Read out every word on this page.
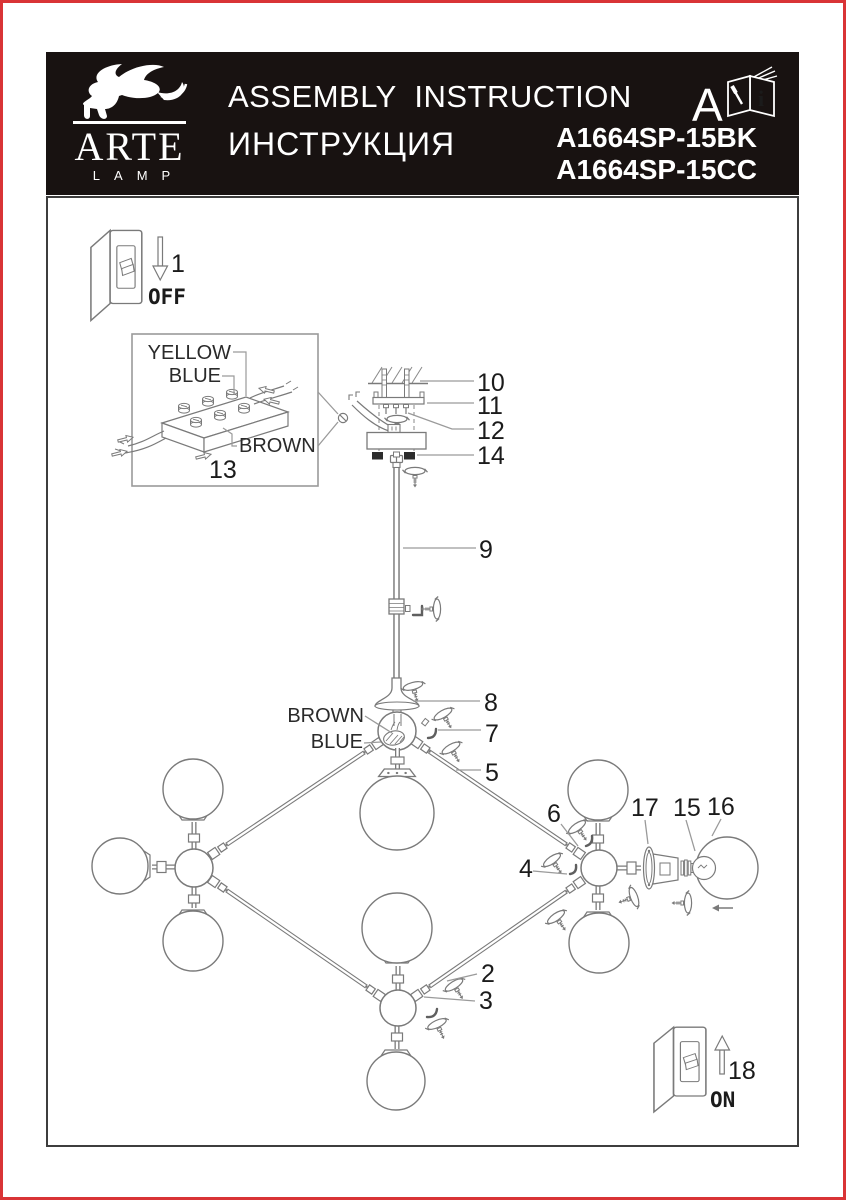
ARTE
LAMP
ASSEMBLY INSTRUCTION
ИНСТРУКЦИЯ
A i
A1664SP-15BK
A1664SP-15CC
1
OFF
YELLOW
BLUE
BROWN
13
10
11
12
14
9
8
7
5
BROWN
BLUE
6
4
17 15 16
2
3
18
ON
